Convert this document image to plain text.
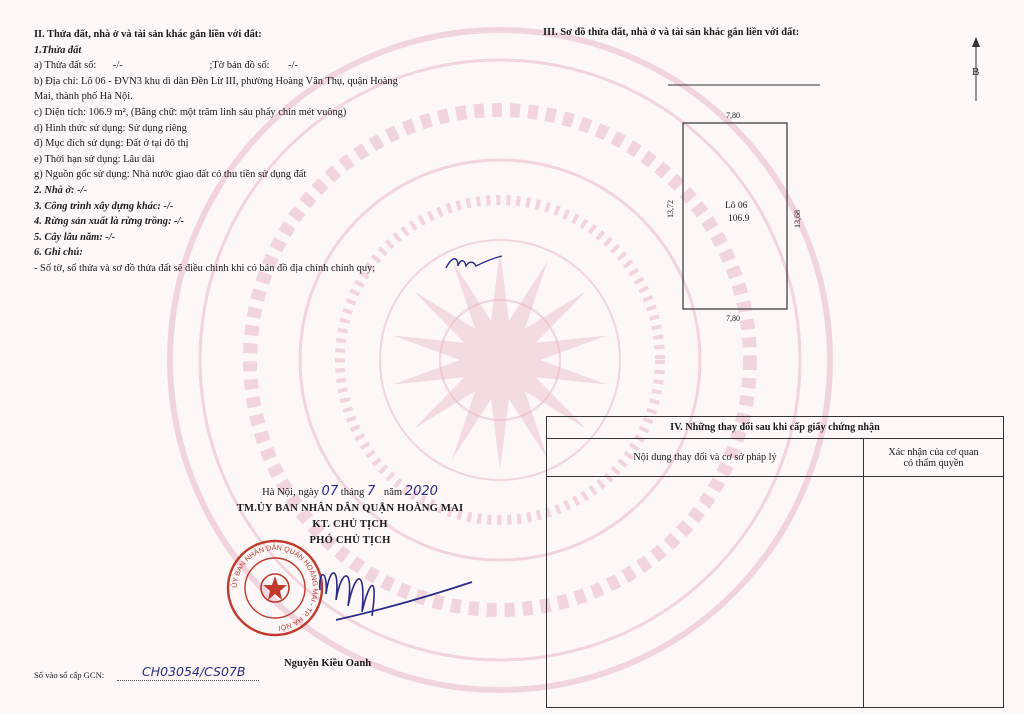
II. Thửa đất, nhà ở và tài sản khác gắn liền với đất:
1.Thửa đất
a) Thửa đất số: -/-	;Tờ bản đồ số: -/-
b) Địa chỉ: Lô 06 - ĐVN3 khu di dân Đền Lừ III, phường Hoàng Văn Thụ, quận Hoàng
Mai, thành phố Hà Nội.
c) Diện tích: 106.9 m², (Bằng chữ: một trăm linh sáu phẩy chín mét vuông)
d) Hình thức sử dụng: Sử dụng riêng
đ) Mục đích sử dụng: Đất ở tại đô thị
e) Thời hạn sử dụng: Lâu dài
g) Nguồn gốc sử dụng: Nhà nước giao đất có thu tiền sử dụng đất
2. Nhà ở: -/-
3. Công trình xây dựng khác: -/-
4. Rừng sản xuất là rừng trồng: -/-
5. Cây lâu năm: -/-
6. Ghi chú:
- Số tờ, số thửa và sơ đồ thửa đất sẽ điều chỉnh khi có bản đồ địa chính chính quy;
III. Sơ đồ thửa đất, nhà ở và tài sản khác gắn liền với đất:
B
7,80
7,80
13,72
13,68
Lô 06
106.9
Hà Nội, ngày 07 tháng 7 năm 2020
TM.ỦY BAN NHÂN DÂN QUẬN HOÀNG MAI
KT. CHỦ TỊCH
PHÓ CHỦ TỊCH
ỦY BAN NHÂN DÂN QUẬN HOÀNG MAI - TP. HÀ NỘI
Nguyễn Kiều Oanh
Số vào sổ cấp GCN:	CH03054/CS07B
IV. Những thay đổi sau khi cấp giấy chứng nhận	
Nội dung thay đổi và cơ sở pháp lý	Xác nhận của cơ quan
có thẩm quyền
